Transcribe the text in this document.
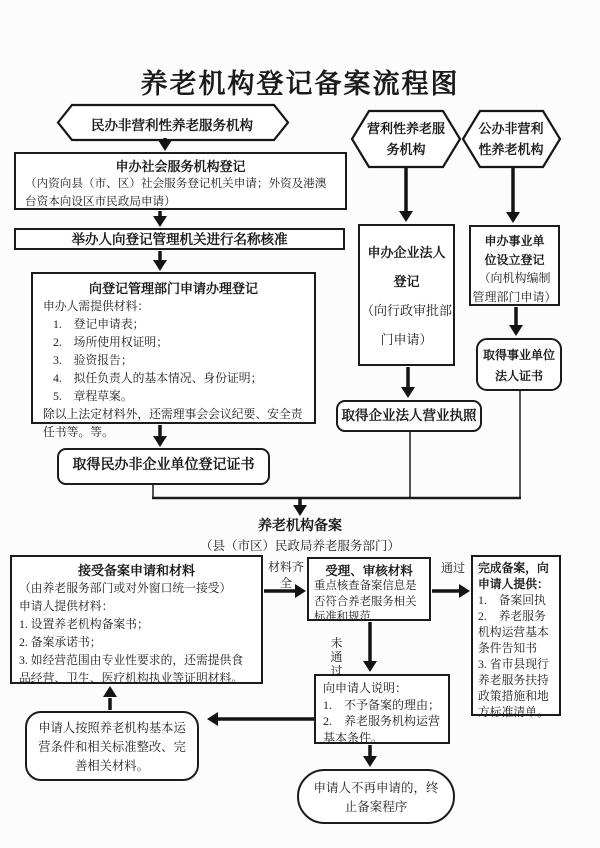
养老机构登记备案流程图
民办非营利性养老服务机构	营利性养老服
务机构
公办非营利
性养老机构
申办社会服务机构登记
（内资向县（市、区）社会服务登记机关申请；外资及港澳台资本向设区市民政局申请）
举办人向登记管理机关进行名称核准
向登记管理部门申请办理登记
申办人需提供材料：
1.　登记申请表；
2.　场所使用权证明；
3.　验资报告；
4.　拟任负责人的基本情况、身份证明；
5.　章程草案。
除以上法定材料外，还需理事会会议纪要、安全责任书等。等。
取得民办非企业单位登记证书
申办企业法人
登记
（向行政审批部
门申请）
取得企业法人营业执照
申办事业单
位设立登记
（向机构编制
管理部门申请）
取得事业单位
法人证书
养老机构备案
（县（市区）民政局养老服务部门）
接受备案申请和材料
（由养老服务部门或对外窗口统一接受）
申请人提供材料：
1. 设置养老机构备案书；
2. 备案承诺书；
3. 如经营范围由专业性要求的，还需提供食品经营、卫生、医疗机构执业等证明材料。
材料齐全
受理、审核材料
重点核查备案信息是否符合养老服务相关标准和规范
通过	完成备案，向申请人提供：
1.　备案回执
2.　养老服务机构运营基本条件告知书
3. 省市县现行养老服务扶持政策措施和地方标准清单。
未通过
向申请人说明：
1.　不予备案的理由；
2.　养老服务机构运营基本条件。
申请人按照养老机构基本运营条件和相关标准整改、完善相关材料。
申请人不再申请的，终止备案程序
